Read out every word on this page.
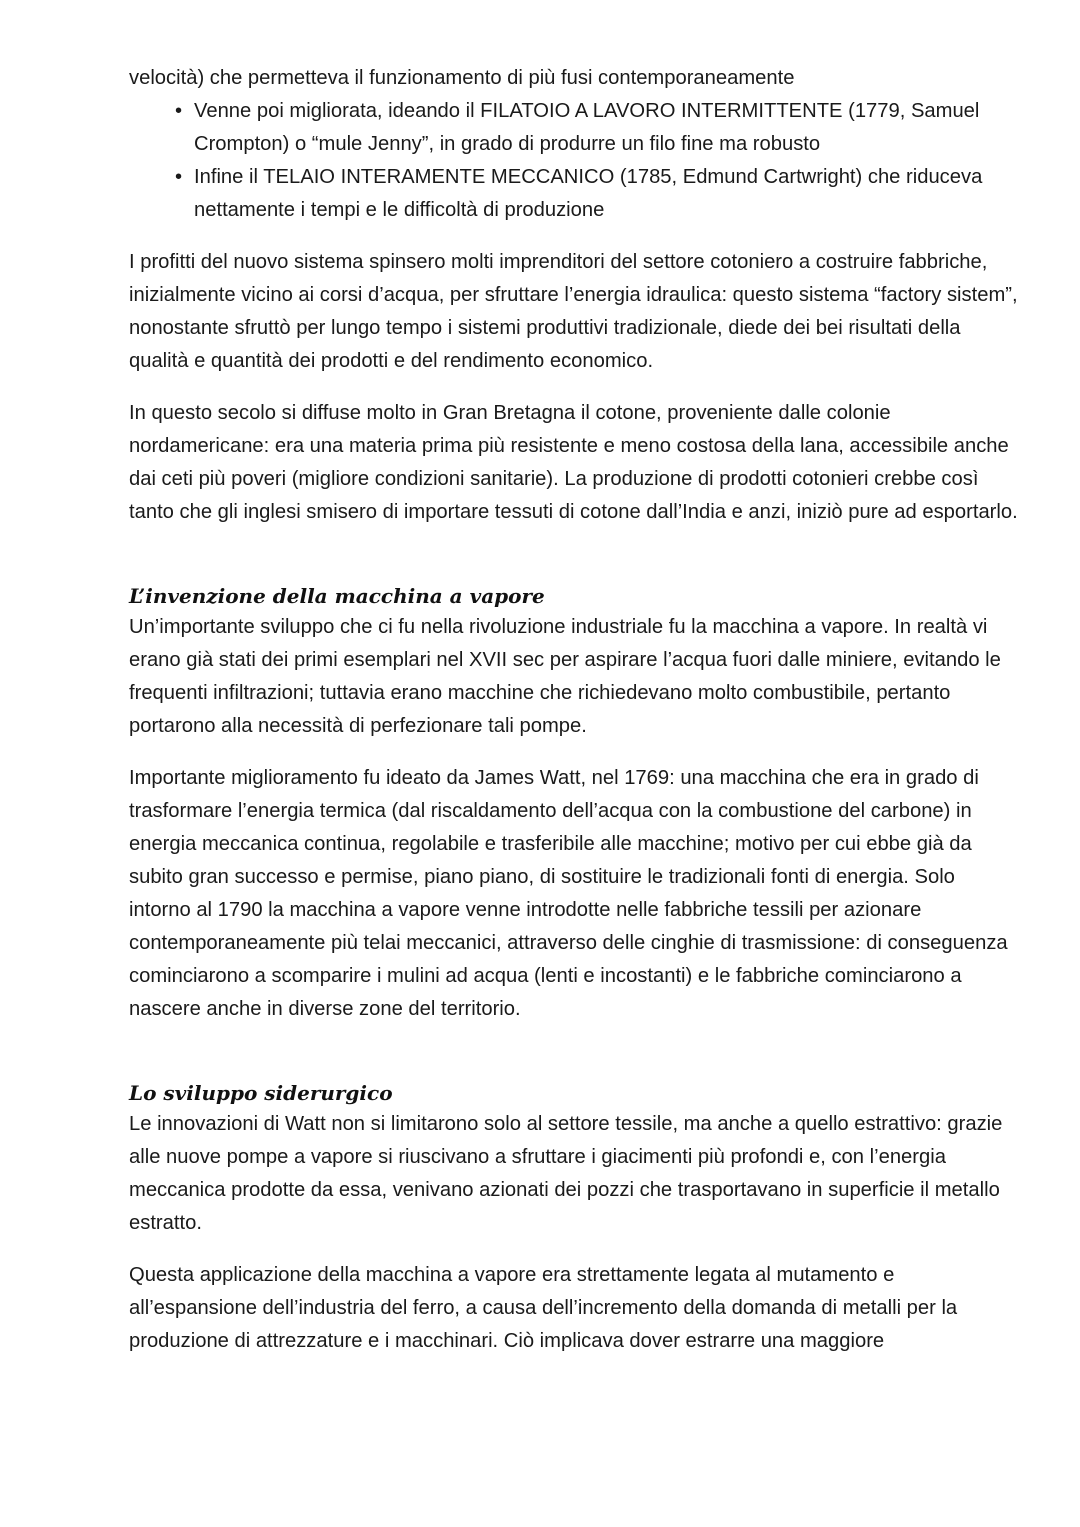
velocità) che permetteva il funzionamento di più fusi contemporaneamente

• Venne poi migliorata, ideando il FILATOIO A LAVORO INTERMITTENTE (1779, Samuel Crompton) o “mule Jenny”, in grado di produrre un filo fine ma robusto

• Infine il TELAIO INTERAMENTE MECCANICO (1785, Edmund Cartwright) che riduceva nettamente i tempi e le difficoltà di produzione

I profitti del nuovo sistema spinsero molti imprenditori del settore cotoniero a costruire fabbriche, inizialmente vicino ai corsi d’acqua, per sfruttare l’energia idraulica: questo sistema “factory sistem”, nonostante sfruttò per lungo tempo i sistemi produttivi tradizionale, diede dei bei risultati della qualità e quantità dei prodotti e del rendimento economico.

In questo secolo si diffuse molto in Gran Bretagna il cotone, proveniente dalle colonie nordamericane: era una materia prima più resistente e meno costosa della lana, accessibile anche dai ceti più poveri (migliore condizioni sanitarie). La produzione di prodotti cotonieri crebbe così tanto che gli inglesi smisero di importare tessuti di cotone dall’India e anzi, iniziò pure ad esportarlo.

L’invenzione della macchina a vapore

Un’importante sviluppo che ci fu nella rivoluzione industriale fu la macchina a vapore. In realtà vi erano già stati dei primi esemplari nel XVII sec per aspirare l’acqua fuori dalle miniere, evitando le frequenti infiltrazioni; tuttavia erano macchine che richiedevano molto combustibile, pertanto portarono alla necessità di perfezionare tali pompe.

Importante miglioramento fu ideato da James Watt, nel 1769: una macchina che era in grado di trasformare l’energia termica (dal riscaldamento dell’acqua con la combustione del carbone) in energia meccanica continua, regolabile e trasferibile alle macchine; motivo per cui ebbe già da subito gran successo e permise, piano piano, di sostituire le tradizionali fonti di energia. Solo intorno al 1790 la macchina a vapore venne introdotte nelle fabbriche tessili per azionare contemporaneamente più telai meccanici, attraverso delle cinghie di trasmissione: di conseguenza cominciarono a scomparire i mulini ad acqua (lenti e incostanti) e le fabbriche cominciarono a nascere anche in diverse zone del territorio.

Lo sviluppo siderurgico

Le innovazioni di Watt non si limitarono solo al settore tessile, ma anche a quello estrattivo: grazie alle nuove pompe a vapore si riuscivano a sfruttare i giacimenti più profondi e, con l’energia meccanica prodotte da essa, venivano azionati dei pozzi che trasportavano in superficie il metallo estratto.

Questa applicazione della macchina a vapore era strettamente legata al mutamento e all’espansione dell’industria del ferro, a causa dell’incremento della domanda di metalli per la produzione di attrezzature e i macchinari. Ciò implicava dover estrarre una maggiore
